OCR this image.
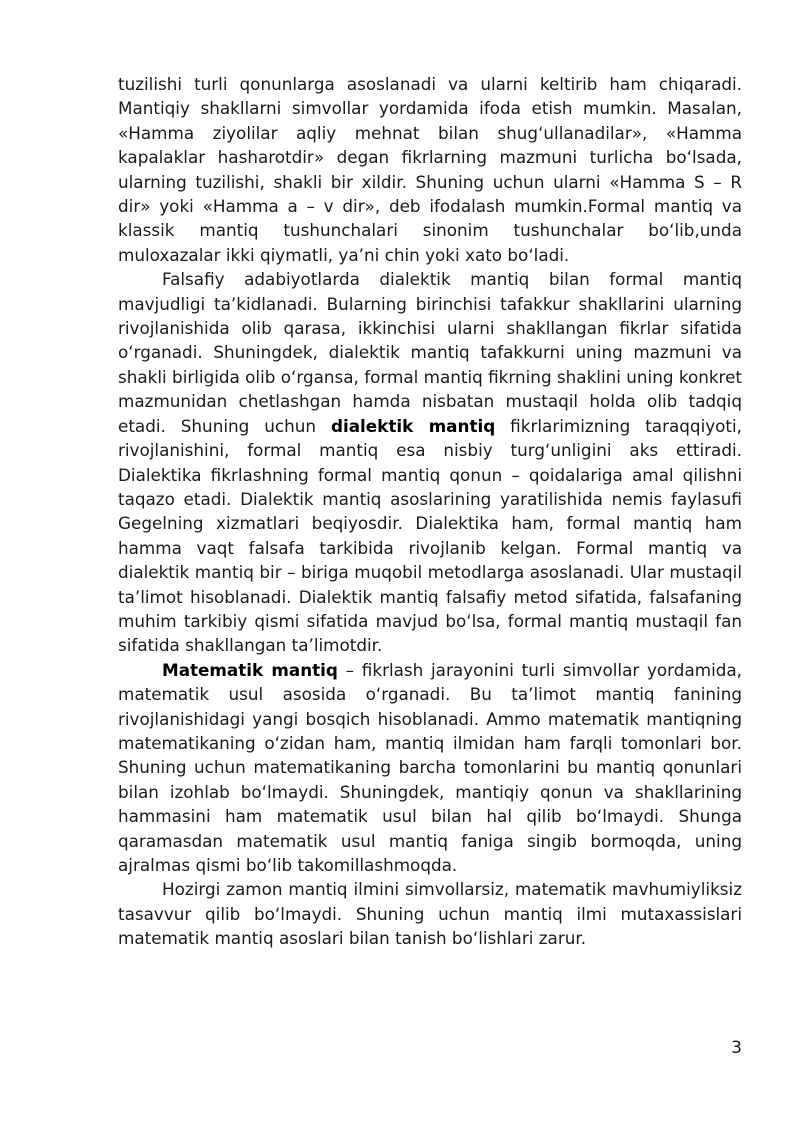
tuzilishi turli qonunlarga asoslanadi va ularni keltirib ham chiqaradi. Mantiqiy shakllarni simvollar yordamida ifoda etish mumkin. Masalan, «Hamma ziyolilar aqliy mehnat bilan shug‘ullanadilar», «Hamma kapalaklar hasharotdir» degan fikrlarning mazmuni turlicha bo‘lsada, ularning tuzilishi, shakli bir xildir. Shuning uchun ularni «Hamma S – R dir» yoki «Hamma a – v dir», deb ifodalash mumkin.Formal mantiq va klassik mantiq tushunchalari sinonim tushunchalar bo‘lib,unda muloxazalar ikki qiymatli, ya’ni chin yoki xato bo‘ladi.

Falsafiy adabiyotlarda dialektik mantiq bilan formal mantiq mavjudligi ta’kidlanadi. Bularning birinchisi tafakkur shakllarini ularning rivojlanishida olib qarasa, ikkinchisi ularni shakllangan fikrlar sifatida o‘rganadi. Shuningdek, dialektik mantiq tafakkurni uning mazmuni va shakli birligida olib o‘rgansa, formal mantiq fikrning shaklini uning konkret mazmunidan chetlashgan hamda nisbatan mustaqil holda olib tadqiq etadi. Shuning uchun dialektik mantiq fikrlarimizning taraqqiyoti, rivojlanishini, formal mantiq esa nisbiy turg‘unligini aks ettiradi. Dialektika fikrlashning formal mantiq qonun – qoidalariga amal qilishni taqazo etadi. Dialektik mantiq asoslarining yaratilishida nemis faylasufi Gegelning xizmatlari beqiyosdir. Dialektika ham, formal mantiq ham hamma vaqt falsafa tarkibida rivojlanib kelgan. Formal mantiq va dialektik mantiq bir – biriga muqobil metodlarga asoslanadi. Ular mustaqil ta’limot hisoblanadi. Dialektik mantiq falsafiy metod sifatida, falsafaning muhim tarkibiy qismi sifatida mavjud bo‘lsa, formal mantiq mustaqil fan sifatida shakllangan ta’limotdir.

Matematik mantiq – fikrlash jarayonini turli simvollar yordamida, matematik usul asosida o‘rganadi. Bu ta’limot mantiq fanining rivojlanishidagi yangi bosqich hisoblanadi. Ammo matematik mantiqning matematikaning o‘zidan ham, mantiq ilmidan ham farqli tomonlari bor. Shuning uchun matematikaning barcha tomonlarini bu mantiq qonunlari bilan izohlab bo‘lmaydi. Shuningdek, mantiqiy qonun va shakllarining hammasini ham matematik usul bilan hal qilib bo‘lmaydi. Shunga qaramasdan matematik usul mantiq faniga singib bormoqda, uning ajralmas qismi bo‘lib takomillashmoqda.

Hozirgi zamon mantiq ilmini simvollarsiz, matematik mavhumiyliksiz tasavvur qilib bo‘lmaydi. Shuning uchun mantiq ilmi mutaxassislari matematik mantiq asoslari bilan tanish bo‘lishlari zarur.

3
